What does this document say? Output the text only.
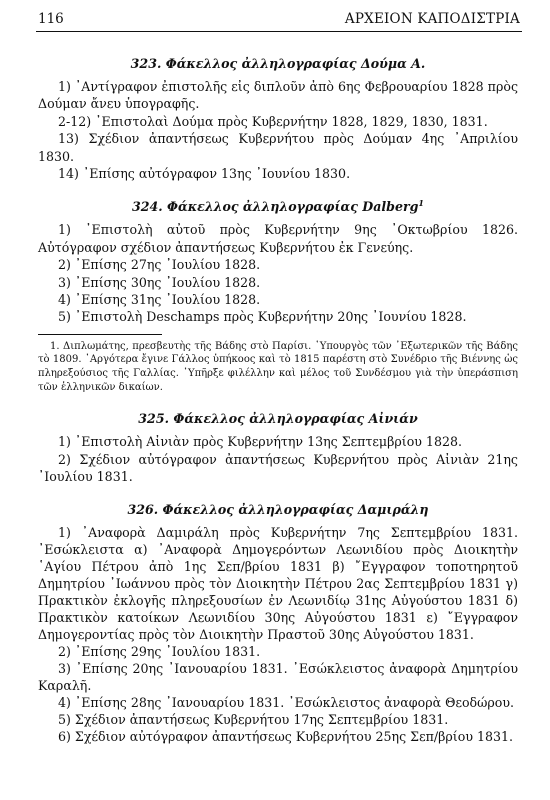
116	ΑΡΧΕΙΟΝ ΚΑΠΟΔΙΣΤΡΙΑ
323. Φάκελλος ἀλληλογραφίας Δούμα Α.

1) ᾿Αντίγραφον ἐπιστολῆς εἰς διπλοῦν ἀπὸ 6ης Φεβρουαρίου 1828 πρὸς Δούμαν ἄνευ ὑπογραφῆς.

2-12) ᾿Επιστολαὶ Δούμα πρὸς Κυβερνήτην 1828, 1829, 1830, 1831.

13) Σχέδιον ἀπαντήσεως Κυβερνήτου πρὸς Δούμαν 4ης ᾿Απριλίου 1830.

14) ᾿Επίσης αὐτόγραφον 13ης ᾿Ιουνίου 1830.

324. Φάκελλος ἀλληλογραφίας Dalberg$^1$

1) ᾿Επιστολὴ αὐτοῦ πρὸς Κυβερνήτην 9ης ᾿Οκτωβρίου 1826. Αὐτόγραφον σχέδιον ἀπαντήσεως Κυβερνήτου ἐκ Γενεύης.

2) ᾿Επίσης 27ης ᾿Ιουλίου 1828.

3) ᾿Επίσης 30ης ᾿Ιουλίου 1828.

4) ᾿Επίσης 31ης ᾿Ιουλίου 1828.

5) ᾿Επιστολὴ Deschamps πρὸς Κυβερνήτην 20ης ᾿Ιουνίου 1828.

1. Διπλωμάτης, πρεσβευτὴς τῆς Βάδης στὸ Παρίσι. ῾Υπουργὸς τῶν ᾿Εξωτερικῶν τῆς Βάδης τὸ 1809. ᾿Αργότερα ἔγινε Γάλλος ὑπήκοος καὶ τὸ 1815 παρέστη στὸ Συνέδριο τῆς Βιέννης ὡς πληρεξούσιος τῆς Γαλλίας. ῾Υπῆρξε φιλέλλην καὶ μέλος τοῦ Συνδέσμου γιὰ τὴν ὑπεράσπιση τῶν ἑλληνικῶν δικαίων.

325. Φάκελλος ἀλληλογραφίας Αἰνιάν

1) ᾿Επιστολὴ Αἰνιὰν πρὸς Κυβερνήτην 13ης Σεπτεμβρίου 1828.

2) Σχέδιον αὐτόγραφον ἀπαντήσεως Κυβερνήτου πρὸς Αἰνιὰν 21ης ᾿Ιουλίου 1831.

326. Φάκελλος ἀλληλογραφίας Δαμιράλη

1) ᾿Αναφορὰ Δαμιράλη πρὸς Κυβερνήτην 7ης Σεπτεμβρίου 1831. ᾿Εσώκλειστα α) ᾿Αναφορὰ Δημογερόντων Λεωνιδίου πρὸς Διοικητὴν ῾Αγίου Πέτρου ἀπὸ 1ης Σεπ/βρίου 1831 β) ῎Εγγραφον τοποτηρητοῦ Δημητρίου ᾿Ιωάννου πρὸς τὸν Διοικητὴν Πέτρου 2ας Σεπτεμβρίου 1831 γ) Πρακτικὸν ἐκλογῆς πληρεξουσίων ἐν Λεωνιδίῳ 31ης Αὐγούστου 1831 δ) Πρακτικὸν κατοίκων Λεωνιδίου 30ης Αὐγούστου 1831 ε) ῎Εγγραφον Δημογεροντίας πρὸς τὸν Διοικητὴν Πραστοῦ 30ης Αὐγούστου 1831.

2) ᾿Επίσης 29ης ᾿Ιουλίου 1831.

3) ᾿Επίσης 20ης ᾿Ιανουαρίου 1831. ᾿Εσώκλειστος ἀναφορὰ Δημητρίου Καραλῆ.

4) ᾿Επίσης 28ης ᾿Ιανουαρίου 1831. ᾿Εσώκλειστος ἀναφορὰ Θεοδώρου.

5) Σχέδιον ἀπαντήσεως Κυβερνήτου 17ης Σεπτεμβρίου 1831.

6) Σχέδιον αὐτόγραφον ἀπαντήσεως Κυβερνήτου 25ης Σεπ/βρίου 1831.
